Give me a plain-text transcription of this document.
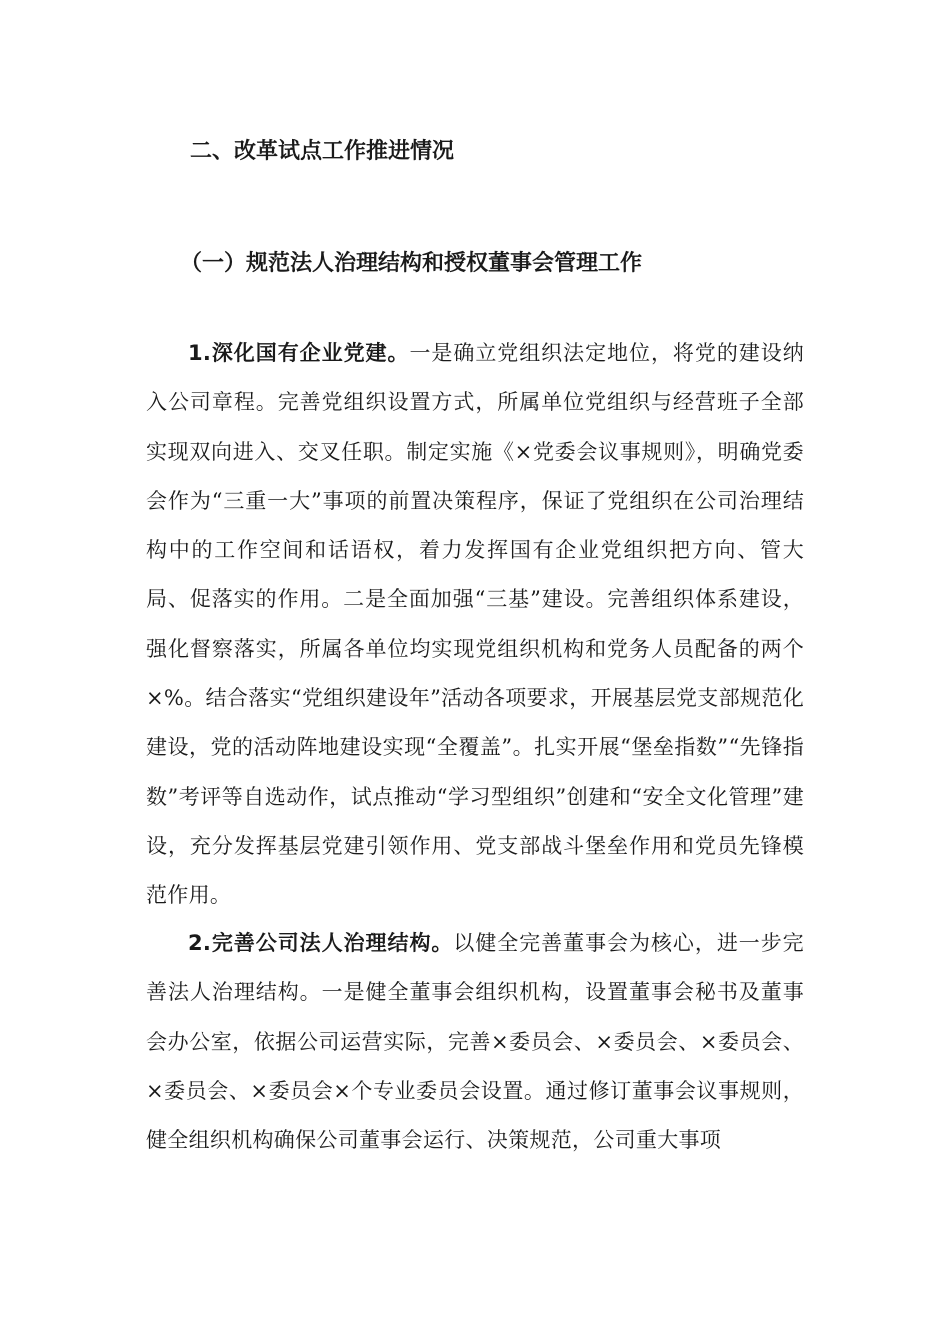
二、改革试点工作推进情况
（一）规范法人治理结构和授权董事会管理工作

1.深化国有企业党建。一是确立党组织法定地位，将党的建设纳入公司章程。完善党组织设置方式，所属单位党组织与经营班子全部实现双向进入、交叉任职。制定实施《×党委会议事规则》，明确党委会作为“三重一大”事项的前置决策程序，保证了党组织在公司治理结构中的工作空间和话语权，着力发挥国有企业党组织把方向、管大局、促落实的作用。二是全面加强“三基”建设。完善组织体系建设，强化督察落实，所属各单位均实现党组织机构和党务人员配备的两个×%。结合落实“党组织建设年”活动各项要求，开展基层党支部规范化建设，党的活动阵地建设实现“全覆盖”。扎实开展“堡垒指数”“先锋指数”考评等自选动作，试点推动“学习型组织”创建和“安全文化管理”建设，充分发挥基层党建引领作用、党支部战斗堡垒作用和党员先锋模范作用。

2.完善公司法人治理结构。以健全完善董事会为核心，进一步完善法人治理结构。一是健全董事会组织机构，设置董事会秘书及董事会办公室，依据公司运营实际，完善×委员会、×委员会、×委员会、×委员会、×委员会×个专业委员会设置。通过修订董事会议事规则，健全组织机构确保公司董事会运行、决策规范，公司重大事项
